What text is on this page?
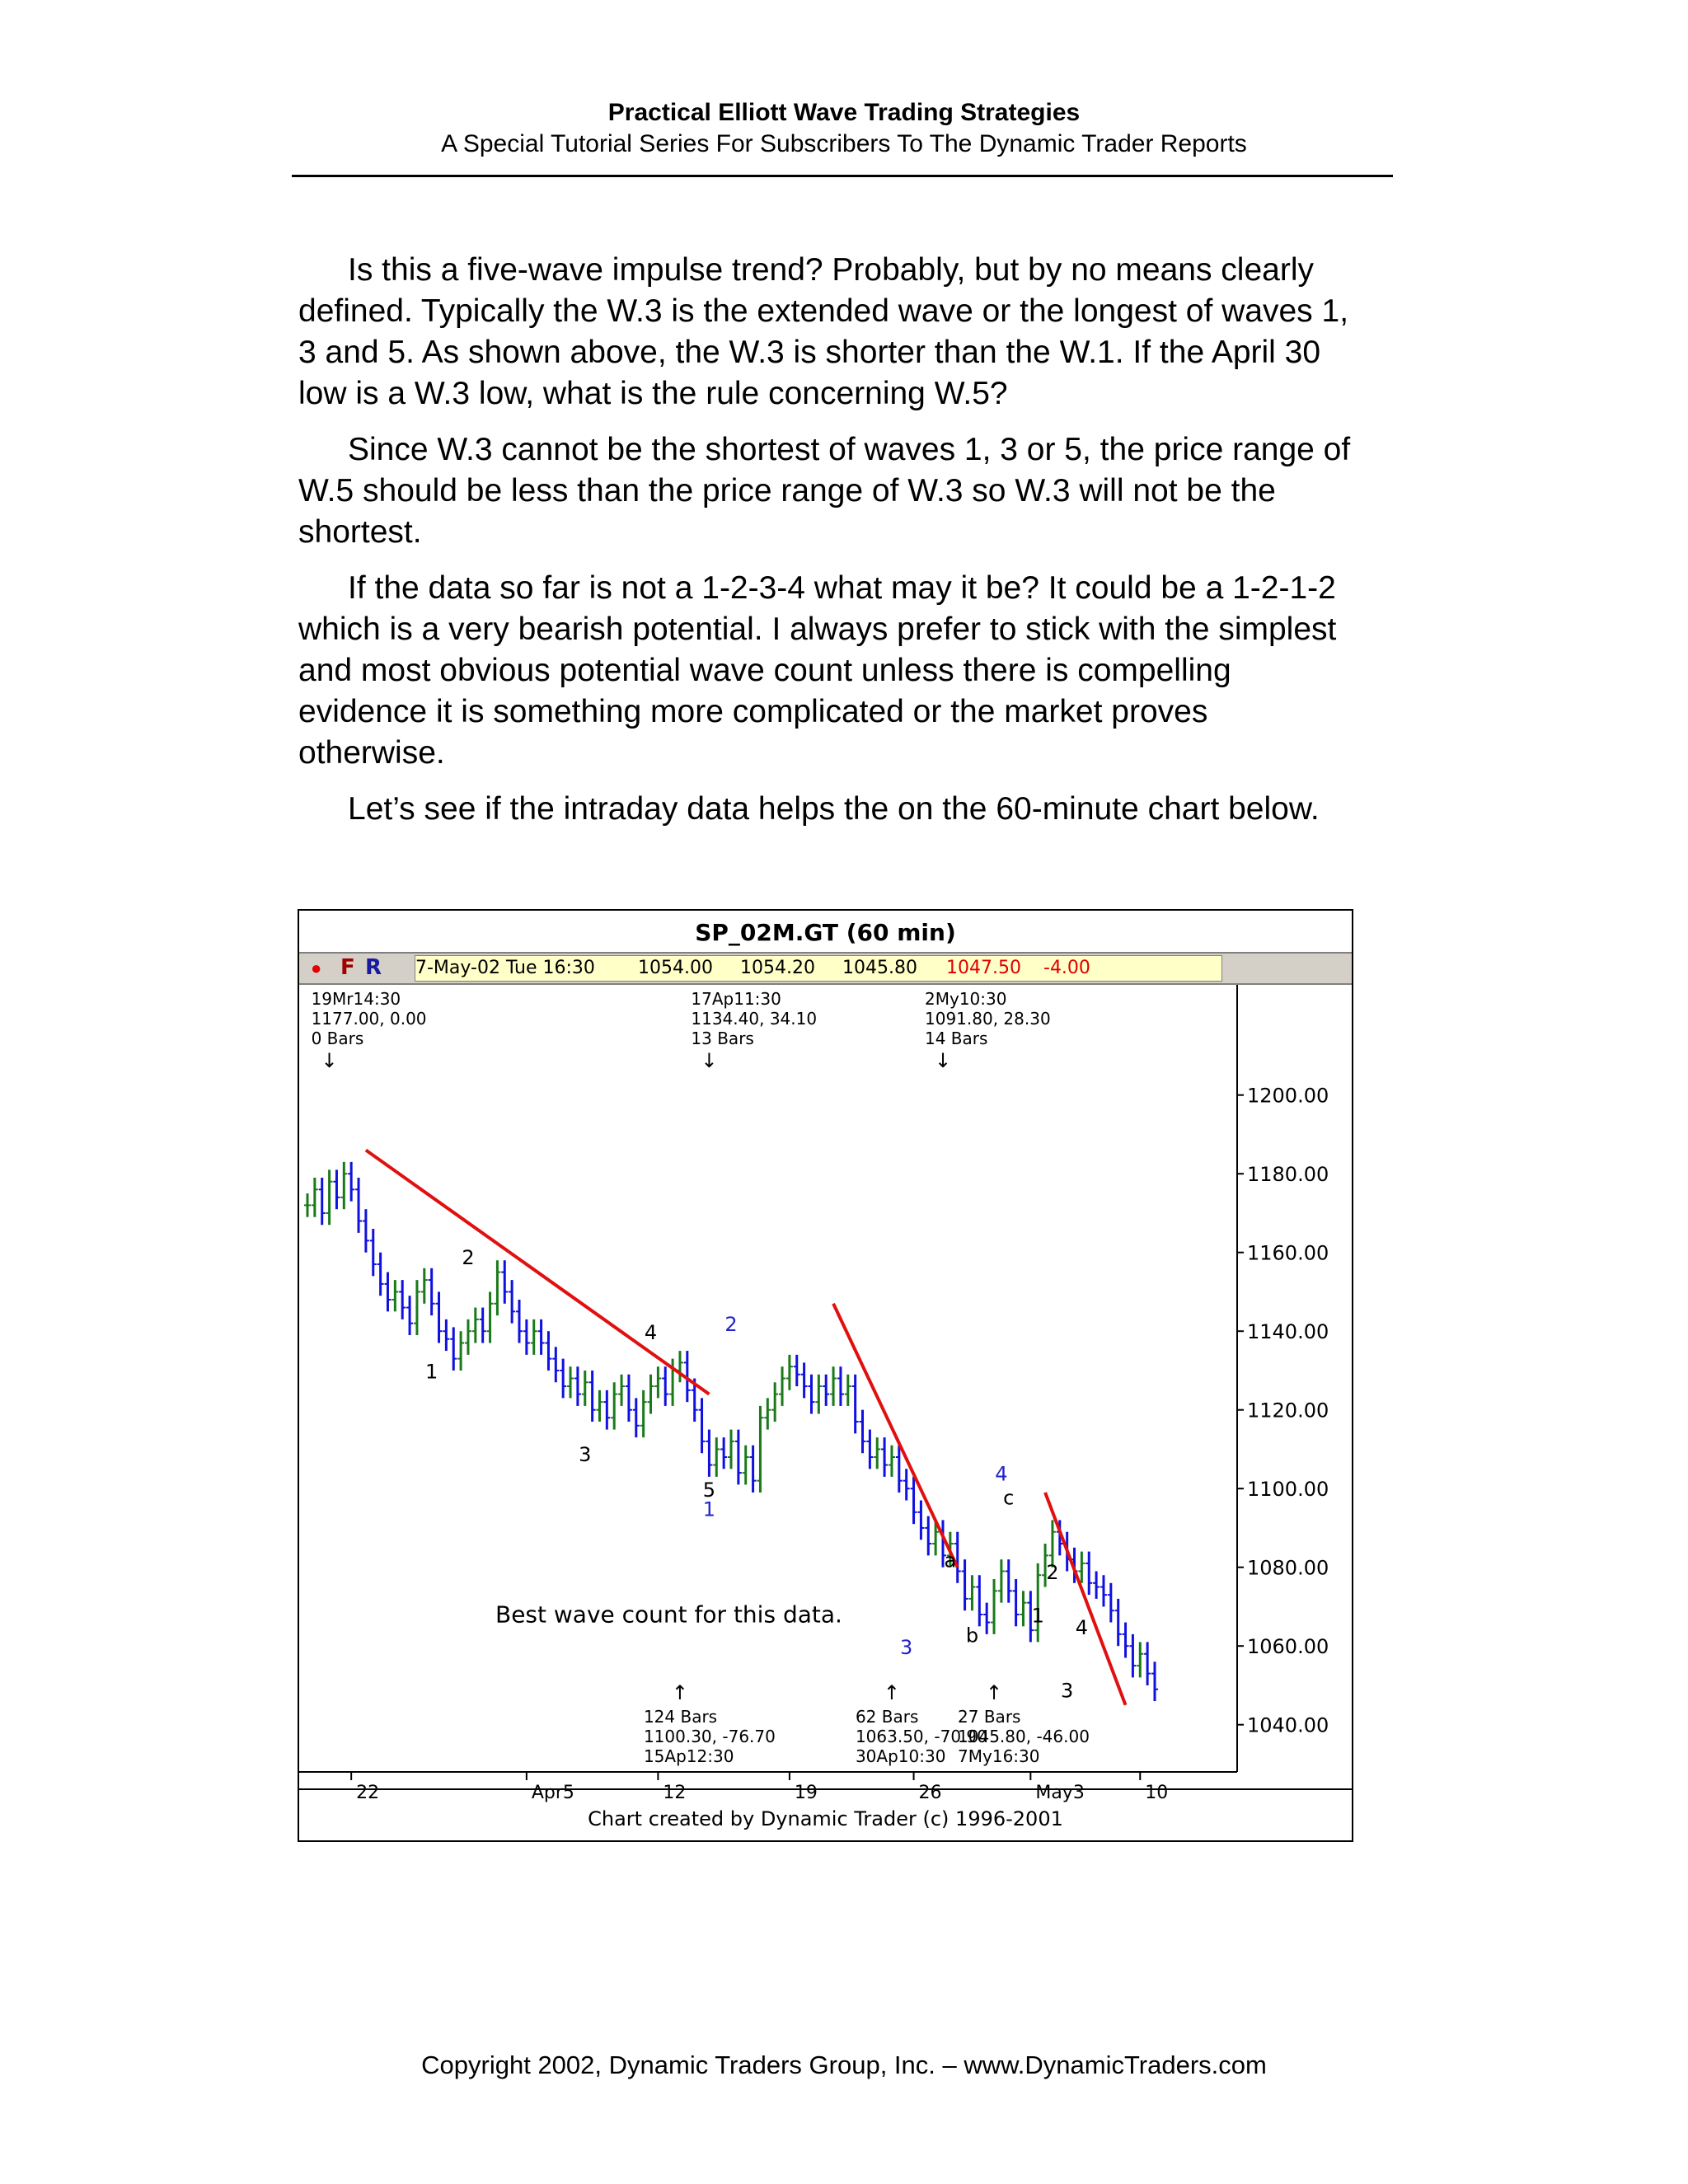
Practical Elliott Wave Trading Strategies
A Special Tutorial Series For Subscribers To The Dynamic Trader Reports

Is this a five-wave impulse trend? Probably, but by no means clearly defined. Typically the W.3 is the extended wave or the longest of waves 1, 3 and 5. As shown above, the W.3 is shorter than the W.1. If the April 30 low is a W.3 low, what is the rule concerning W.5?

Since W.3 cannot be the shortest of waves 1, 3 or 5, the price range of W.5 should be less than the price range of W.3 so W.3 will not be the shortest.

If the data so far is not a 1-2-3-4 what may it be? It could be a 1-2-1-2 which is a very bearish potential. I always prefer to stick with the simplest and most obvious potential wave count unless there is compelling evidence it is something more complicated or the market proves otherwise.

Let’s see if the intraday data helps the on the 60-minute chart below.

SP_02M.GT (60 min)
● F R 7-May-02 Tue 16:30 1054.00 1054.20 1045.80 1047.50 -4.00
1200.00
1180.00
1160.00
1140.00
1120.00
1100.00
1080.00
1060.00
1040.00
22	Apr5	12	19	26	May3	10
Chart created by Dynamic Trader (c) 1996-2001
2
1
4
3
5
1
2
3
a
b
4
c
2
1
4
3
19Mr14:30
1177.00, 0.00
0 Bars
↓
17Ap11:30
1134.40, 34.10
13 Bars
↓
2My10:30
1091.80, 28.30
14 Bars
↓
↑
124 Bars
1100.30, -76.70
15Ap12:30
↑
62 Bars
1063.50, -70.90
30Ap10:30
↑
27 Bars
1045.80, -46.00
7My16:30
Best wave count for this data.
Copyright 2002, Dynamic Traders Group, Inc. – www.DynamicTraders.com
